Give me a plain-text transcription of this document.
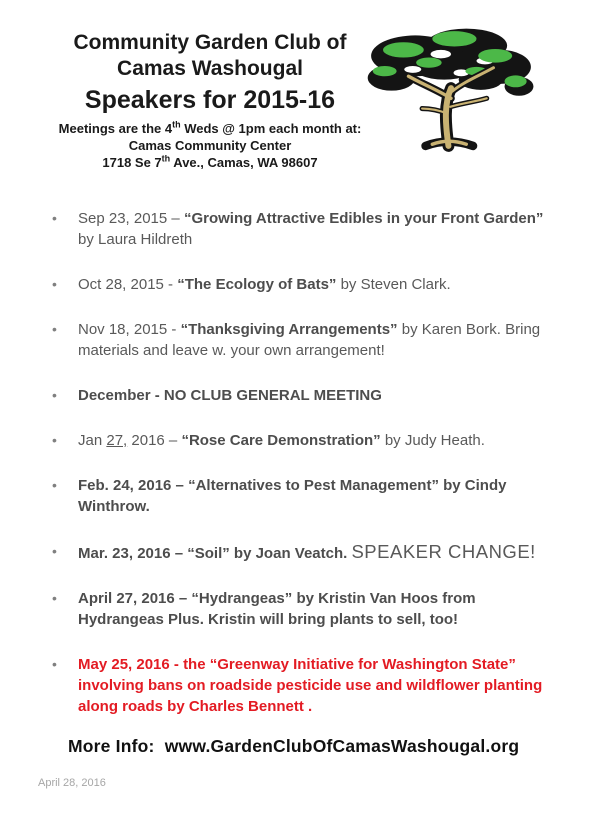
Community Garden Club of
Camas Washougal
Speakers for 2015-16
Meetings are the 4th Weds @ 1pm each month at:
Camas Community Center
1718 Se 7th Ave., Camas, WA 98607
• Sep 23, 2015 – “Growing Attractive Edibles in your Front Garden” by Laura Hildreth
• Oct 28, 2015 - “The Ecology of Bats” by Steven Clark.
• Nov 18, 2015 - “Thanksgiving Arrangements” by Karen Bork. Bring materials and leave w. your own arrangement!
• December - NO CLUB GENERAL MEETING
• Jan 27, 2016 – “Rose Care Demonstration” by Judy Heath.
• Feb. 24, 2016 – “Alternatives to Pest Management” by Cindy Winthrow.
• Mar. 23, 2016 – “Soil” by Joan Veatch. SPEAKER CHANGE!
• April 27, 2016 – “Hydrangeas” by Kristin Van Hoos from Hydrangeas Plus. Kristin will bring plants to sell, too!
• May 25, 2016 - the “Greenway Initiative for Washington State” involving bans on roadside pesticide use and wildflower planting along roads by Charles Bennett .

More Info: www.GardenClubOfCamasWashougal.org

April 28, 2016
